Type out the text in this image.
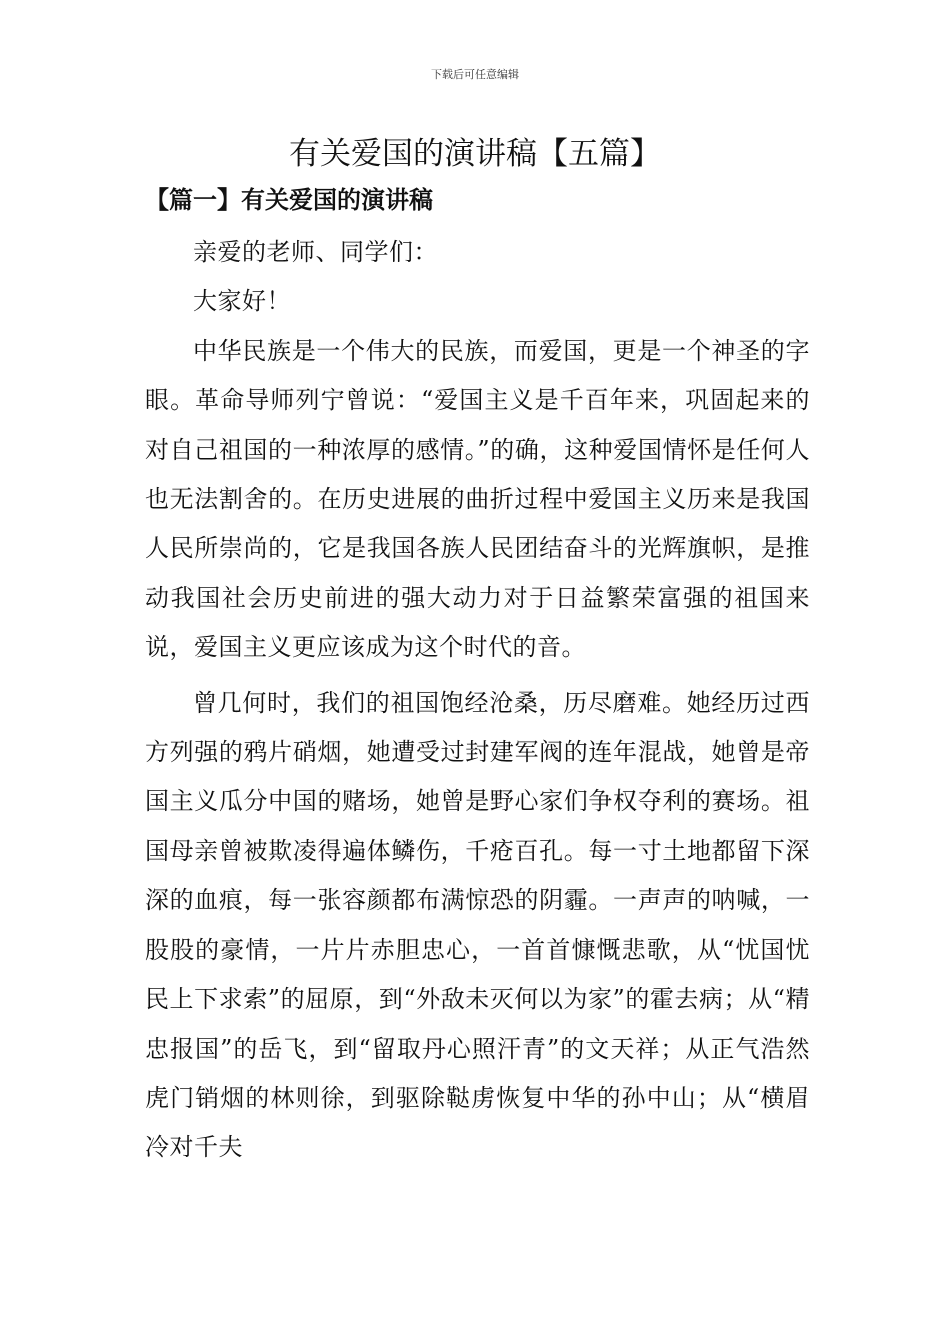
下载后可任意编辑
有关爱国的演讲稿【五篇】
【篇一】有关爱国的演讲稿

亲爱的老师、同学们：

大家好！

中华民族是一个伟大的民族，而爱国，更是一个神圣的字眼。革命导师列宁曾说：“爱国主义是千百年来，巩固起来的对自己祖国的一种浓厚的感情。”的确，这种爱国情怀是任何人也无法割舍的。在历史进展的曲折过程中爱国主义历来是我国人民所崇尚的，它是我国各族人民团结奋斗的光辉旗帜，是推动我国社会历史前进的强大动力对于日益繁荣富强的祖国来说，爱国主义更应该成为这个时代的音。

曾几何时，我们的祖国饱经沧桑，历尽磨难。她经历过西方列强的鸦片硝烟，她遭受过封建军阀的连年混战，她曾是帝国主义瓜分中国的赌场，她曾是野心家们争权夺利的赛场。祖国母亲曾被欺凌得遍体鳞伤，千疮百孔。每一寸土地都留下深深的血痕，每一张容颜都布满惊恐的阴霾。一声声的呐喊，一股股的豪情，一片片赤胆忠心，一首首慷慨悲歌，从“忧国忧民上下求索”的屈原，到“外敌未灭何以为家”的霍去病；从“精忠报国”的岳飞，到“留取丹心照汗青”的文天祥；从正气浩然虎门销烟的林则徐，到驱除鞑虏恢复中华的孙中山；从“横眉冷对千夫
